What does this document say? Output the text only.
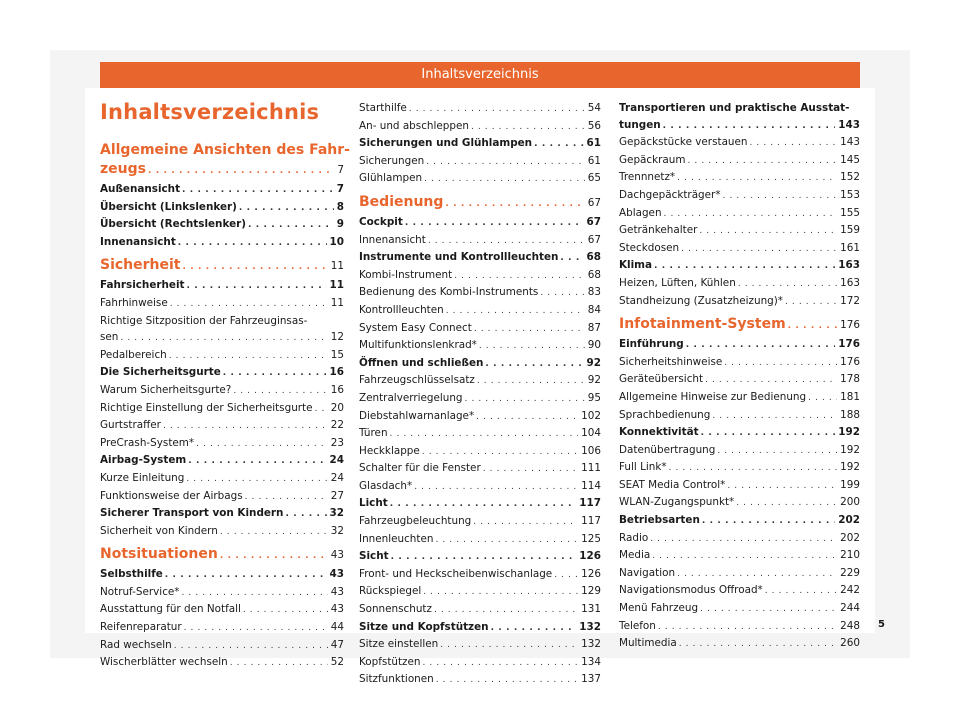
Inhaltsverzeichnis
Inhaltsverzeichnis
Allgemeine Ansichten des Fahr-
zeugs . . .	7
Außenansicht . . .	7
Übersicht (Linkslenker) . . .	8
Übersicht (Rechtslenker) . . .	9
Innenansicht . . .	10
Sicherheit . . .	11
Fahrsicherheit . . .	11
Fahrhinweise . . .	11
Richtige Sitzposition der Fahrzeuginsas-
sen . . .	12
Pedalbereich . . .	15
Die Sicherheitsgurte . . .	16
Warum Sicherheitsgurte? . . .	16
Richtige Einstellung der Sicherheitsgurte . . . 20
Gurtstraffer . . .	22
PreCrash-System* . . .	23
Airbag-System . . .	24
Kurze Einleitung . . .	24
Funktionsweise der Airbags . . .	27
Sicherer Transport von Kindern . . .	32
Sicherheit von Kindern . . .	32
Notsituationen . . .	43
Selbsthilfe . . .	43
Notruf-Service* . . .	43
Ausstattung für den Notfall . . .	43
Reifenreparatur . . .	44
Rad wechseln . . .	47
Wischerblätter wechseln . . .	52
Starthilfe . . .	54
An- und abschleppen . . .	56
Sicherungen und Glühlampen . . .	61
Sicherungen . . .	61
Glühlampen . . .	65
Bedienung . . .	67
Cockpit . . .	67
Innenansicht . . .	67
Instrumente und Kontrollleuchten . . .	68
Kombi-Instrument . . .	68
Bedienung des Kombi-Instruments . . .	83
Kontrollleuchten . . .	84
System Easy Connect . . .	87
Multifunktionslenkrad* . . .	90
Öffnen und schließen . . .	92
Fahrzeugschlüsselsatz . . .	92
Zentralverriegelung . . .	95
Diebstahlwarnanlage* . . .	102
Türen . . .	104
Heckklappe . . .	106
Schalter für die Fenster . . .	111
Glasdach* . . .	114
Licht . . .	117
Fahrzeugbeleuchtung . . .	117
Innenleuchten . . .	125
Sicht . . .	126
Front- und Heckscheibenwischanlage . . .	126
Rückspiegel . . .	129
Sonnenschutz . . .	131
Sitze und Kopfstützen . . .	132
Sitze einstellen . . .	132
Kopfstützen . . .	134
Sitzfunktionen . . .	137
Transportieren und praktische Ausstat-
tungen . . .	143
Gepäckstücke verstauen . . .	143
Gepäckraum . . .	145
Trennnetz* . . .	152
Dachgepäckträger* . . .	153
Ablagen . . .	155
Getränkehalter . . .	159
Steckdosen . . .	161
Klima . . .	163
Heizen, Lüften, Kühlen . . .	163
Standheizung (Zusatzheizung)* . . .	172
Infotainment-System . . .	176
Einführung . . .	176
Sicherheitshinweise . . .	176
Geräteübersicht . . .	178
Allgemeine Hinweise zur Bedienung . . .	181
Sprachbedienung . . .	188
Konnektivität . . .	192
Datenübertragung . . .	192
Full Link* . . .	192
SEAT Media Control* . . .	199
WLAN-Zugangspunkt* . . .	200
Betriebsarten . . .	202
Radio . . .	202
Media . . .	210
Navigation . . .	229
Navigationsmodus Offroad* . . .	242
Menü Fahrzeug . . .	244
Telefon . . .	248
Multimedia . . .	260
5
